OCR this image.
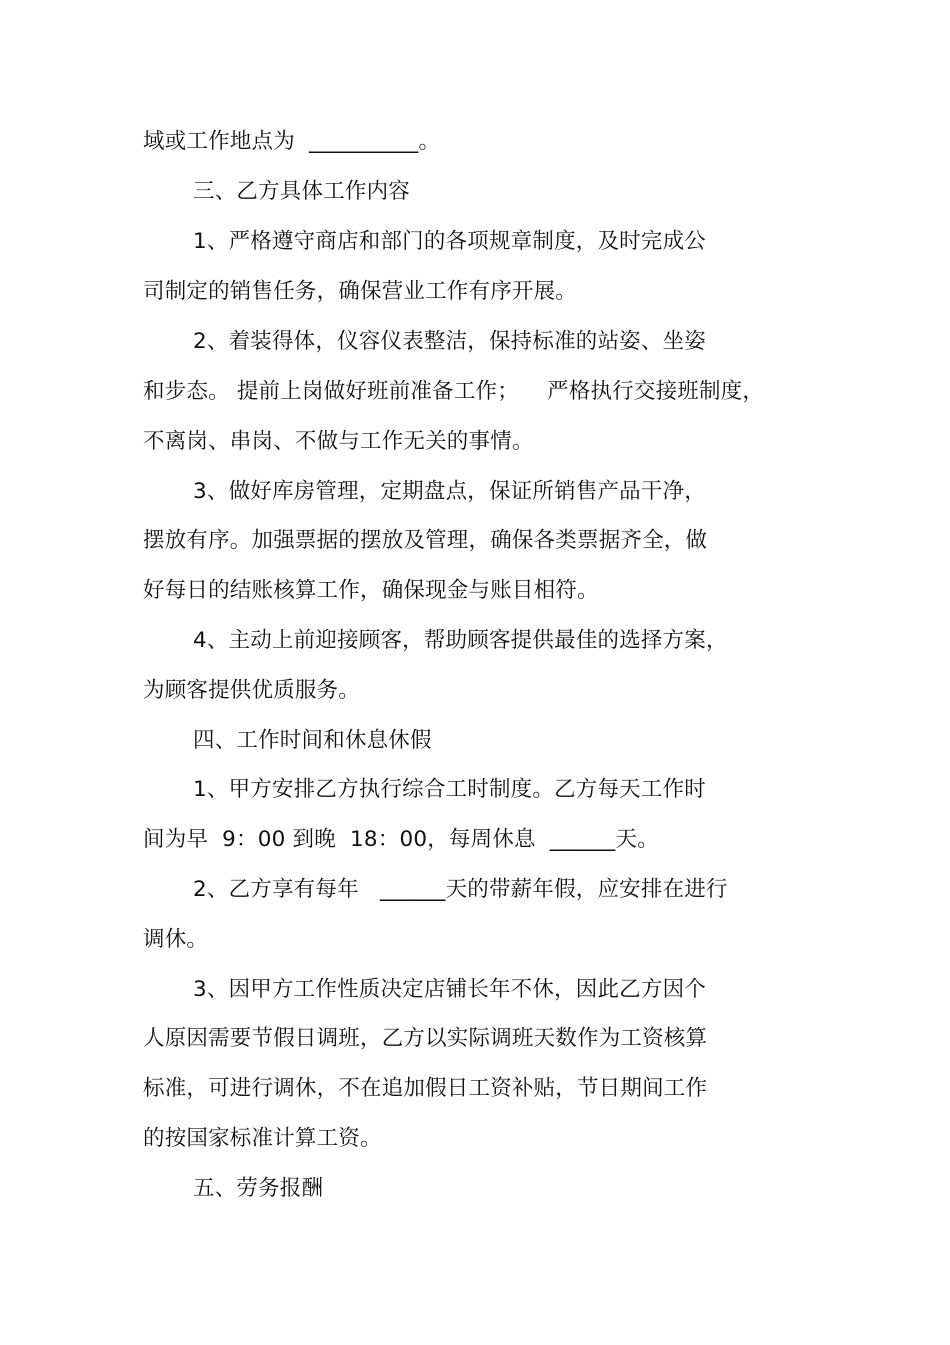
域或工作地点为  __________。
三、乙方具体工作内容
1、严格遵守商店和部门的各项规章制度，及时完成公
司制定的销售任务，确保营业工作有序开展。
2、着装得体，仪容仪表整洁，保持标准的站姿、坐姿
和步态。 提前上岗做好班前准备工作；    严格执行交接班制度，
不离岗、串岗、不做与工作无关的事情。
3、做好库房管理，定期盘点，保证所销售产品干净，
摆放有序。加强票据的摆放及管理，确保各类票据齐全，做
好每日的结账核算工作，确保现金与账目相符。
4、主动上前迎接顾客，帮助顾客提供最佳的选择方案，
为顾客提供优质服务。
四、工作时间和休息休假
1、甲方安排乙方执行综合工时制度。乙方每天工作时
间为早  9：00 到晚  18：00，每周休息  ______天。
2、乙方享有每年   ______天的带薪年假，应安排在进行
调休。
3、因甲方工作性质决定店铺长年不休，因此乙方因个
人原因需要节假日调班，乙方以实际调班天数作为工资核算
标准，可进行调休，不在追加假日工资补贴，节日期间工作
的按国家标准计算工资。
五、劳务报酬
